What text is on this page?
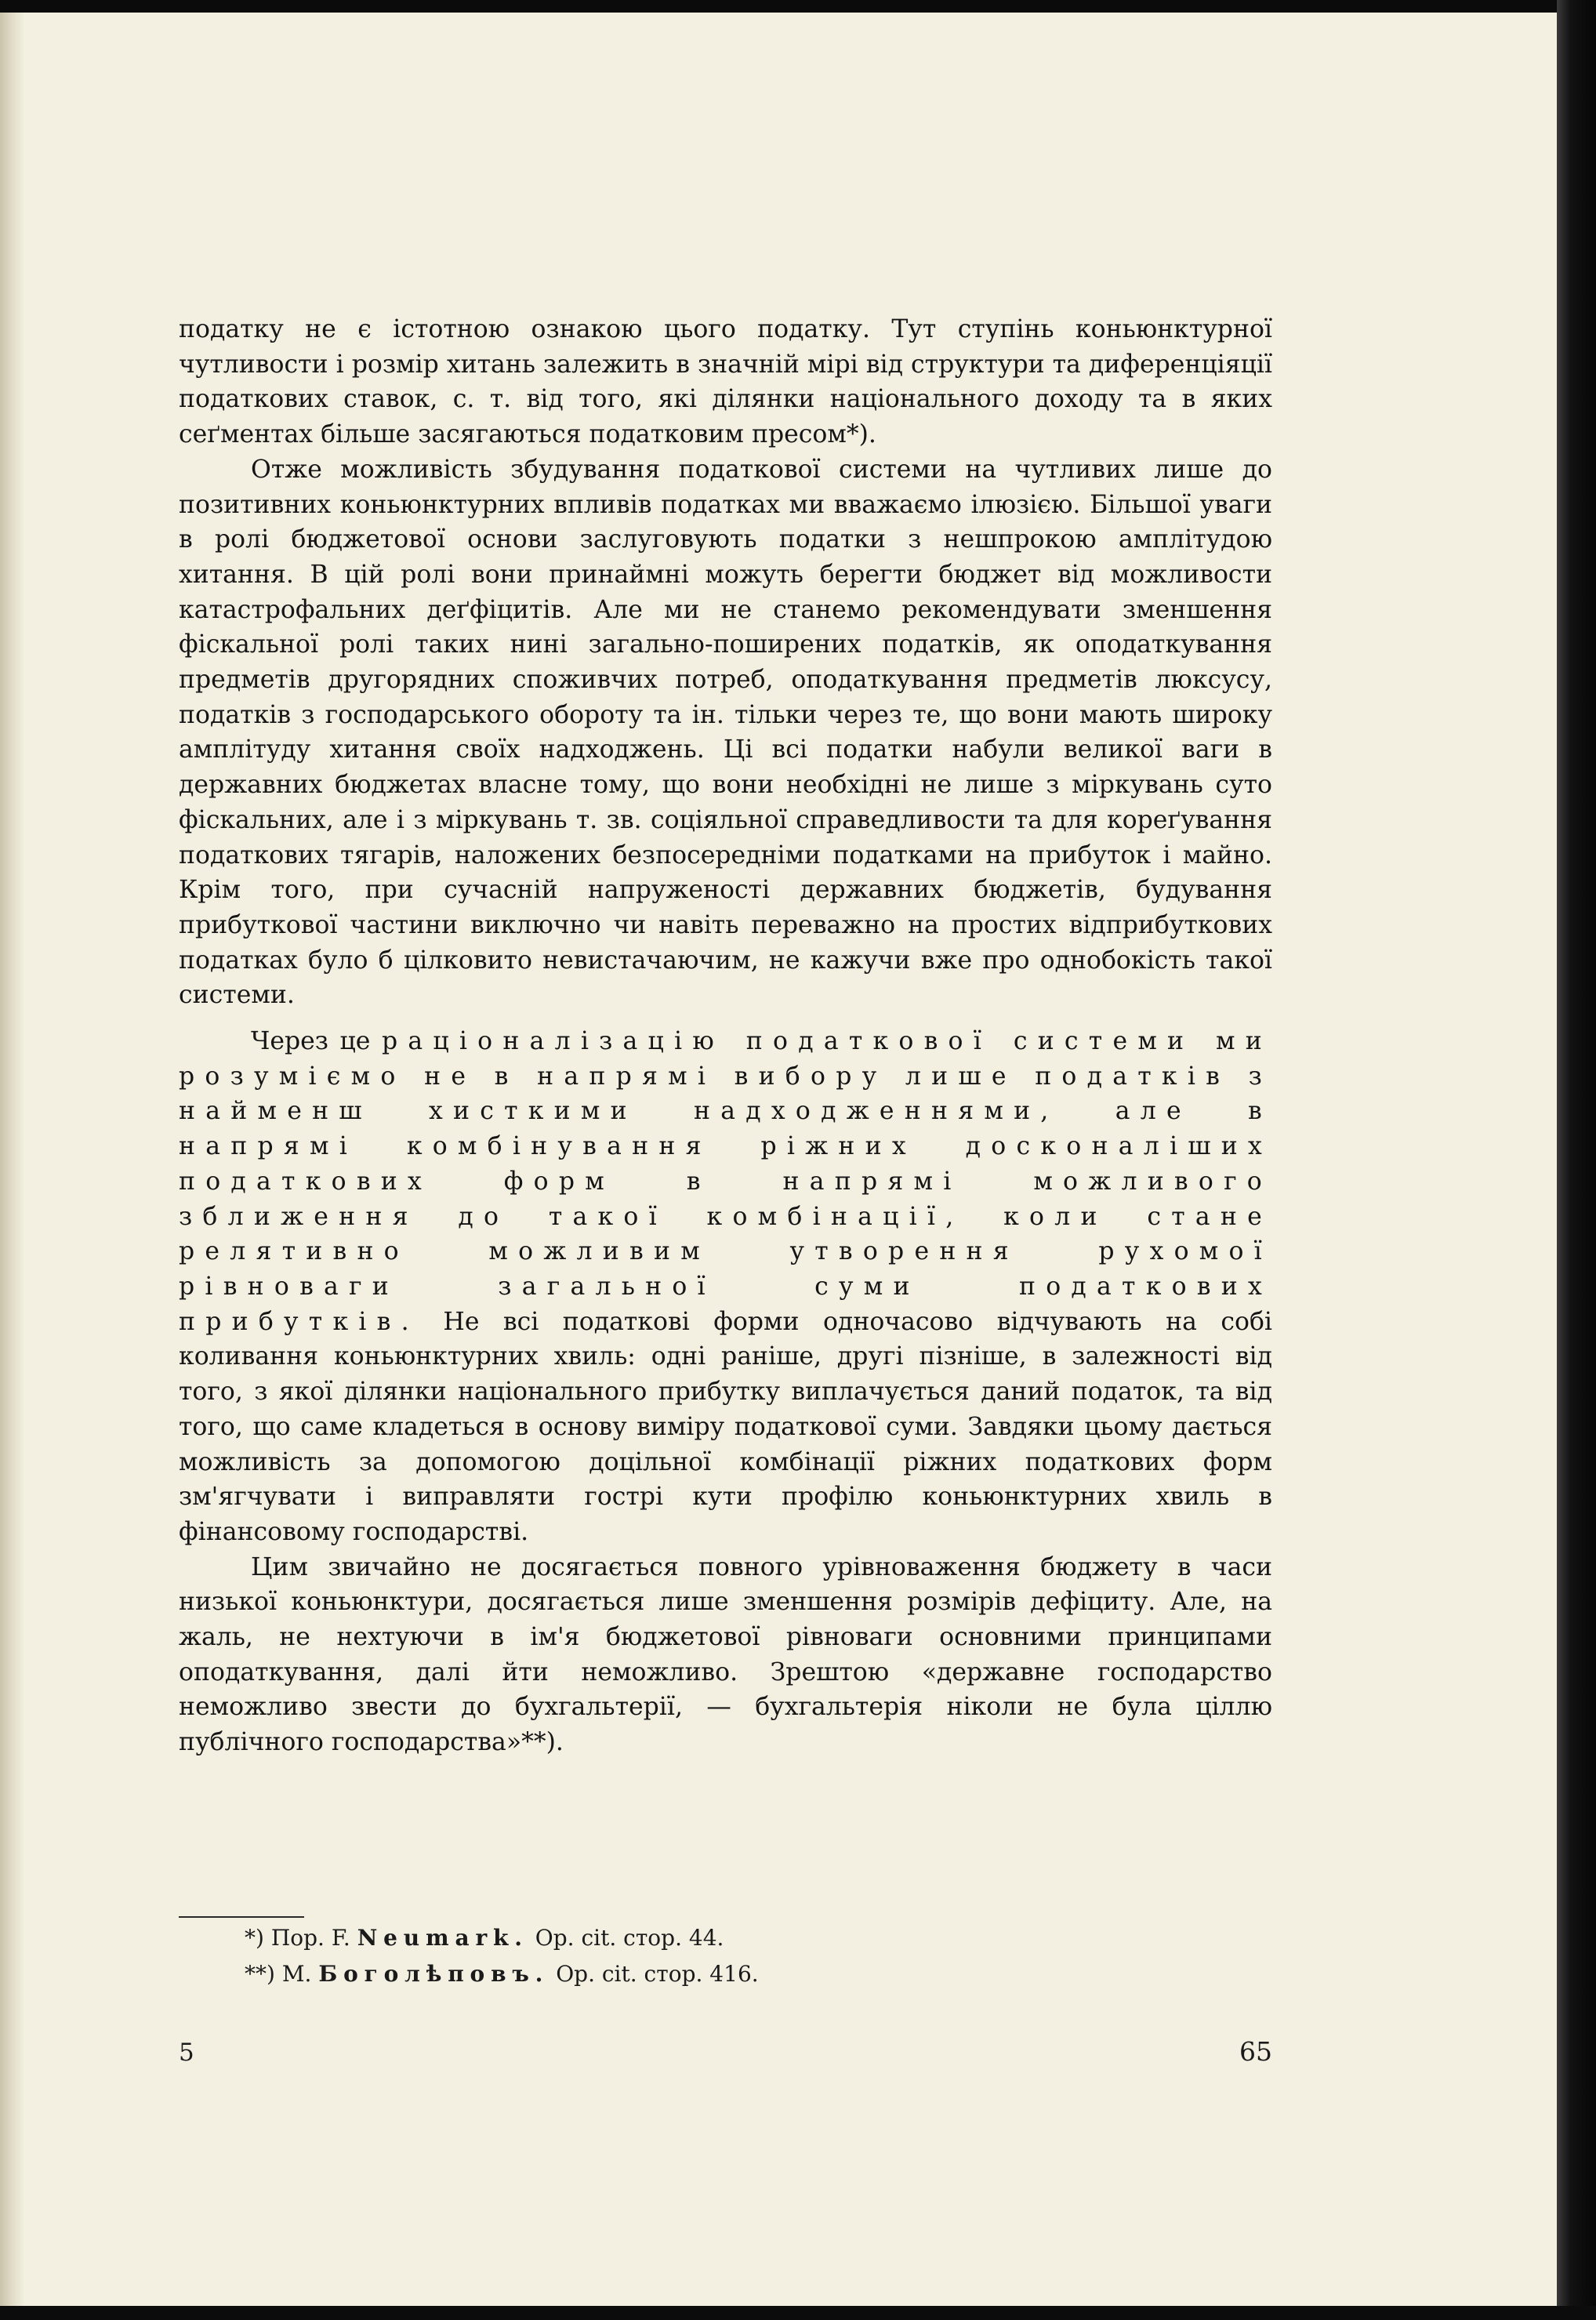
податку не є істотною ознакою цього податку. Тут ступінь коньюнктурної чутливости і розмір хитань залежить в значній мірі від структури та диференціяції податкових ставок, с. т. від того, які ділянки національного доходу та в яких сеґментах більше засягаються податковим пресом*).

Отже можливість збудування податкової системи на чутливих лише до позитивних коньюнктурних впливів податках ми вважаємо ілюзією. Більшої уваги в ролі бюджетової основи заслуговують податки з нешпрокою амплітудою хитання. В цій ролі вони принаймні можуть берегти бюджет від можливости катастрофальних деґфіцитів. Але ми не станемо рекомендувати зменшення фіскальної ролі таких нині загально-поширених податків, як оподаткування предметів другорядних споживчих потреб, оподаткування предметів люксусу, податків з господарського обороту та ін. тільки через те, що вони мають широку амплітуду хитання своїх надходжень. Ці всі податки набули великої ваги в державних бюджетах власне тому, що вони необхідні не лише з міркувань суто фіскальних, але і з міркувань т. зв. соціяльної справедливости та для кореґування податкових тягарів, наложених безпосередніми податками на прибуток і майно. Крім того, при сучасній напруженості державних бюджетів, будування прибуткової частини виключно чи навіть переважно на простих відприбуткових податках було б цілковито невистачаючим, не кажучи вже про однобокість такої системи.

Через це раціоналізацію податкової системи ми розуміємо не в напрямі вибору лише податків з найменш хисткими надходженнями, але в напрямі комбінування ріжних досконаліших податкових форм в напрямі можливого зближення до такої комбінації, коли стане релятивно можливим утворення рухомої рівноваги загальної суми податкових прибутків. Не всі податкові форми одночасово відчувають на собі коливання коньюнктурних хвиль: одні раніше, другі пізніше, в залежності від того, з якої ділянки національного прибутку виплачується даний податок, та від того, що саме кладеться в основу виміру податкової суми. Завдяки цьому дається можливість за допомогою доцільної комбінації ріжних податкових форм зм'ягчувати і виправляти гострі кути профілю коньюнктурних хвиль в фінансовому господарстві.

Цим звичайно не досягається повного урівноваження бюджету в часи низької коньюнктури, досягається лише зменшення розмірів дефіциту. Але, на жаль, не нехтуючи в ім'я бюджетової рівноваги основними принципами оподаткування, далі йти неможливо. Зрештою «державне господарство неможливо звести до бухгальтерії, — бухгальтерія ніколи не була ціллю публічного господарства»**).

*) Пор. F. Neumark. Op. cit. стор. 44.
**) М. Боголѣповъ. Op. cit. стор. 416.
5	65
